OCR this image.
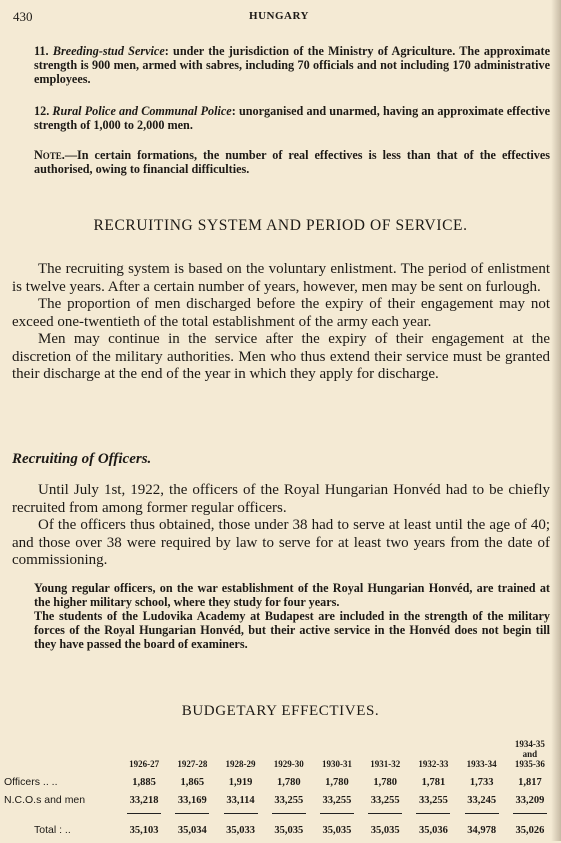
430	HUNGARY
11. Breeding-stud Service: under the jurisdiction of the Ministry of Agriculture. The approximate strength is 900 men, armed with sabres, including 70 officials and not including 170 administrative employees.
12. Rural Police and Communal Police: unorganised and unarmed, having an approximate effective strength of 1,000 to 2,000 men.
Note.—In certain formations, the number of real effectives is less than that of the effectives authorised, owing to financial difficulties.
RECRUITING SYSTEM AND PERIOD OF SERVICE.

The recruiting system is based on the voluntary enlistment. The period of enlistment is twelve years. After a certain number of years, however, men may be sent on furlough.

The proportion of men discharged before the expiry of their engagement may not exceed one-twentieth of the total establishment of the army each year.

Men may continue in the service after the expiry of their engagement at the discretion of the military authorities. Men who thus extend their service must be granted their discharge at the end of the year in which they apply for discharge.

Recruiting of Officers.

Until July 1st, 1922, the officers of the Royal Hungarian Honvéd had to be chiefly recruited from among former regular officers.

Of the officers thus obtained, those under 38 had to serve at least until the age of 40; and those over 38 were required by law to serve for at least two years from the date of commissioning.

Young regular officers, on the war establishment of the Royal Hungarian Honvéd, are trained at the higher military school, where they study for four years.
The students of the Ludovika Academy at Budapest are included in the strength of the military forces of the Royal Hungarian Honvéd, but their active service in the Honvéd does not begin till they have passed the board of examiners.
BUDGETARY EFFECTIVES.
	1926-27	1927-28	1928-29	1929-30	1930-31	1931-32	1932-33	1933-34	1934-35
and
1935-36

Officers .. ..	1,885	1,865	1,919	1,780	1,780	1,780	1,781	1,733	1,817
N.C.O.s and men	33,218	33,169	33,114	33,255	33,255	33,255	33,255	33,245	33,209

Total : ..	35,103	35,034	35,033	35,035	35,035	35,035	35,036	34,978	35,026
